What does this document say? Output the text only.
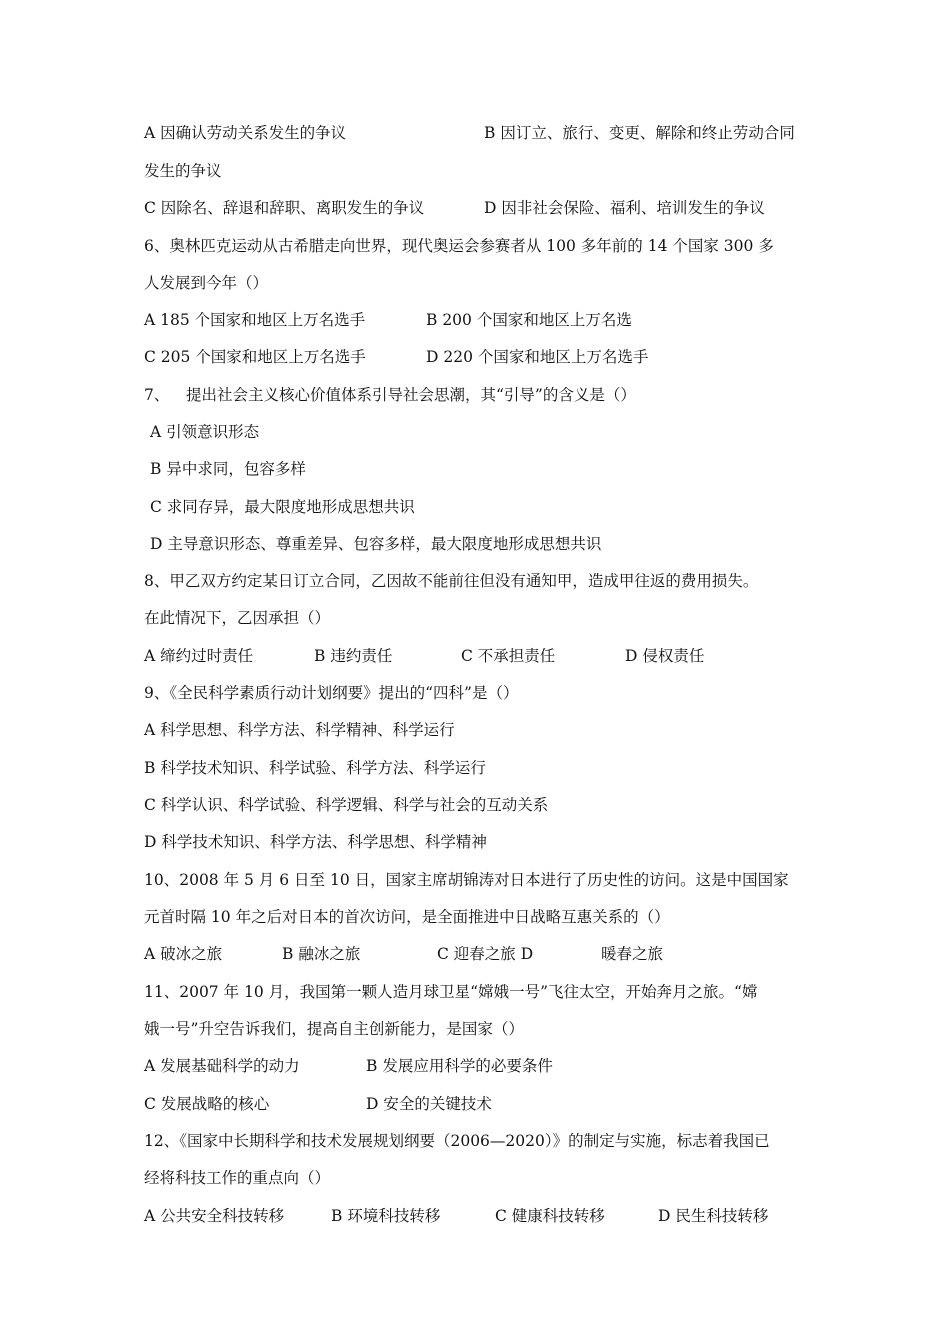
A 因确认劳动关系发生的争议	B 因订立、旅行、变更、解除和终止劳动合同
发生的争议
C 因除名、辞退和辞职、离职发生的争议	D 因非社会保险、福利、培训发生的争议
6、奥林匹克运动从古希腊走向世界，现代奥运会参赛者从 100 多年前的 14 个国家 300 多
人发展到今年（）
A 185 个国家和地区上万名选手	B 200 个国家和地区上万名选
C 205 个国家和地区上万名选手	D 220 个国家和地区上万名选手
7、 提出社会主义核心价值体系引导社会思潮，其“引导”的含义是（）
A 引领意识形态
B 异中求同，包容多样
C 求同存异，最大限度地形成思想共识
D 主导意识形态、尊重差异、包容多样，最大限度地形成思想共识
8、甲乙双方约定某日订立合同，乙因故不能前往但没有通知甲，造成甲往返的费用损失。
在此情况下，乙因承担（）
A 缔约过时责任	B 违约责任	C 不承担责任	D 侵权责任
9、《全民科学素质行动计划纲要》提出的“四科”是（）
A 科学思想、科学方法、科学精神、科学运行
B 科学技术知识、科学试验、科学方法、科学运行
C 科学认识、科学试验、科学逻辑、科学与社会的互动关系
D 科学技术知识、科学方法、科学思想、科学精神
10、2008 年 5 月 6 日至 10 日，国家主席胡锦涛对日本进行了历史性的访问。这是中国国家
元首时隔 10 年之后对日本的首次访问，是全面推进中日战略互惠关系的（）
A 破冰之旅	B 融冰之旅	C 迎春之旅 D	暖春之旅
11、2007 年 10 月，我国第一颗人造月球卫星“嫦娥一号”飞往太空，开始奔月之旅。“嫦
娥一号”升空告诉我们，提高自主创新能力，是国家（）
A 发展基础科学的动力	B 发展应用科学的必要条件
C 发展战略的核心	D 安全的关键技术
12、《国家中长期科学和技术发展规划纲要（2006—2020）》的制定与实施，标志着我国已
经将科技工作的重点向（）
A 公共安全科技转移	B 环境科技转移	C 健康科技转移	D 民生科技转移
